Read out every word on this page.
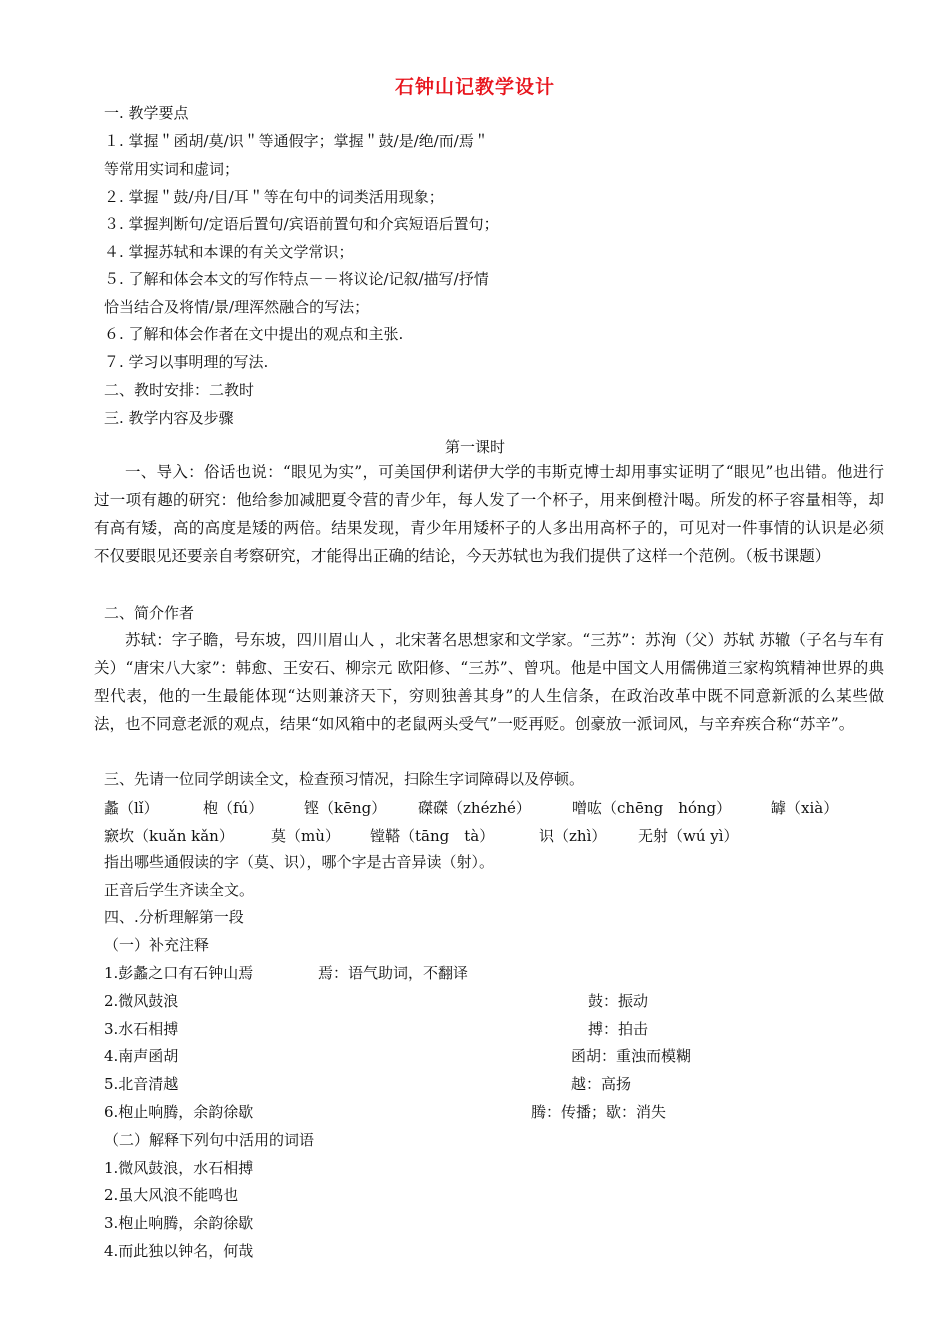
石钟山记教学设计
一. 教学要点
１. 掌握＂函胡/莫/识＂等通假字；掌握＂鼓/是/绝/而/焉＂
等常用实词和虚词；
２. 掌握＂鼓/舟/目/耳＂等在句中的词类活用现象；
３. 掌握判断句/定语后置句/宾语前置句和介宾短语后置句；
４. 掌握苏轼和本课的有关文学常识；
５. 了解和体会本文的写作特点－－将议论/记叙/描写/抒情
恰当结合及将情/景/理浑然融合的写法；
６. 了解和体会作者在文中提出的观点和主张.
７. 学习以事明理的写法.
二、教时安排：二教时
三. 教学内容及步骤
第一课时
一、导入：俗话也说：“眼见为实”，可美国伊利诺伊大学的韦斯克博士却用事实证明了“眼见”也出错。他进行过一项有趣的研究：他给参加减肥夏令营的青少年，每人发了一个杯子，用来倒橙汁喝。所发的杯子容量相等，却有高有矮，高的高度是矮的两倍。结果发现，青少年用矮杯子的人多出用高杯子的，可见对一件事情的认识是必须不仅要眼见还要亲自考察研究，才能得出正确的结论，今天苏轼也为我们提供了这样一个范例。（板书课题）
二、简介作者
苏轼：字子瞻，号东坡，四川眉山人 ，北宋著名思想家和文学家。“三苏”：苏洵（父）苏轼 苏辙（子名与车有关）“唐宋八大家”：韩愈、王安石、柳宗元 欧阳修、“三苏”、曾巩。他是中国文人用儒佛道三家构筑精神世界的典型代表，他的一生最能体现“达则兼济天下，穷则独善其身”的人生信条，在政治改革中既不同意新派的么某些做法，也不同意老派的观点，结果“如风箱中的老鼠两头受气”一贬再贬。创豪放一派词风，与辛弃疾合称“苏辛”。
三、先请一位同学朗读全文，检查预习情况，扫除生字词障碍以及停顿。
蠡（lǐ）	枹（fú）	铿（kēng） 磔磔（zhézhé）	噌吰（chēng　hóng）	罅（xià）
窾坎（kuǎn kǎn） 莫（mù） 镗鞳（tāng　tà）	识（zhì） 无射（wú yì）
指出哪些通假读的字（莫、识），哪个字是古音异读（射）。
正音后学生齐读全文。
四、.分析理解第一段
（一）补充注释
1.彭蠡之口有石钟山焉	焉：语气助词，不翻译
2.微风鼓浪	鼓：振动
3.水石相搏	搏：拍击
4.南声函胡	函胡：重浊而模糊
5.北音清越	越：高扬
6.枹止响腾，余韵徐歇	腾：传播；歇：消失
（二）解释下列句中活用的词语
1.微风鼓浪，水石相搏
2.虽大风浪不能鸣也
3.枹止响腾，余韵徐歇
4.而此独以钟名，何哉
